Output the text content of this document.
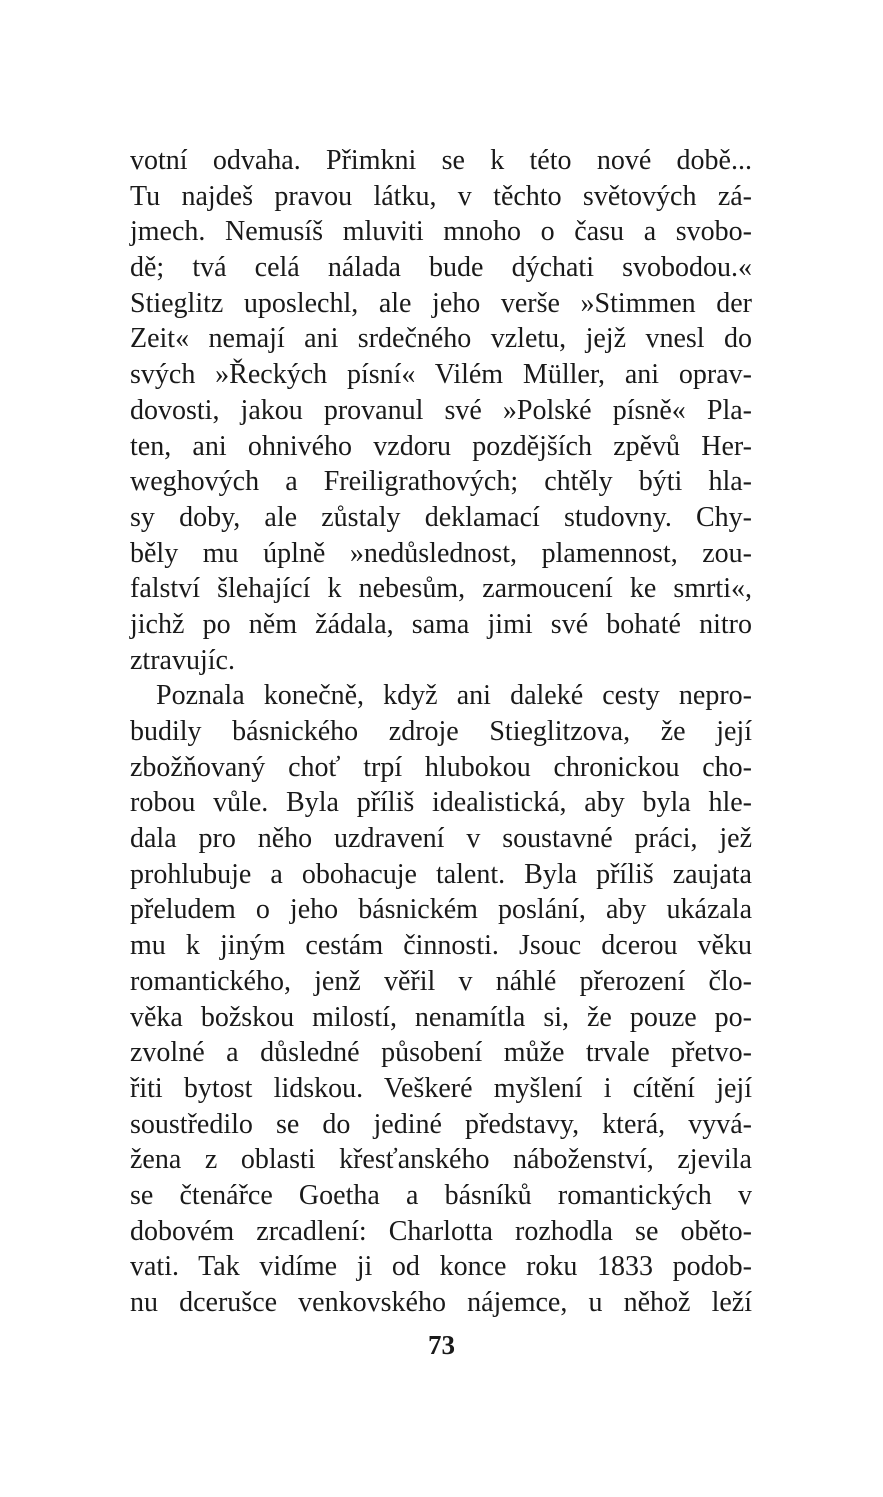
votní odvaha. Přimkni se k této nové době...
Tu najdeš pravou látku, v těchto světových zá-
jmech. Nemusíš mluviti mnoho o času a svobo-
dě; tvá celá nálada bude dýchati svobodou.«
Stieglitz uposlechl, ale jeho verše »Stimmen der
Zeit« nemají ani srdečného vzletu, jejž vnesl do
svých »Řeckých písní« Vilém Müller, ani oprav-
dovosti, jakou provanul své »Polské písně« Pla-
ten, ani ohnivého vzdoru pozdějších zpěvů Her-
weghových a Freiligrathových; chtěly býti hla-
sy doby, ale zůstaly deklamací studovny. Chy-
běly mu úplně »nedůslednost, plamennost, zou-
falství šlehající k nebesům, zarmoucení ke smrti«,
jichž po něm žádala, sama jimi své bohaté nitro
ztravujíc.
Poznala konečně, když ani daleké cesty nepro-
budily básnického zdroje Stieglitzova, že její
zbožňovaný choť trpí hlubokou chronickou cho-
robou vůle. Byla příliš idealistická, aby byla hle-
dala pro něho uzdravení v soustavné práci, jež
prohlubuje a obohacuje talent. Byla příliš zaujata
přeludem o jeho básnickém poslání, aby ukázala
mu k jiným cestám činnosti. Jsouc dcerou věku
romantického, jenž věřil v náhlé přerození člo-
věka božskou milostí, nenamítla si, že pouze po-
zvolné a důsledné působení může trvale přetvo-
řiti bytost lidskou. Veškeré myšlení i cítění její
soustředilo se do jediné představy, která, vyvá-
žena z oblasti křesťanského náboženství, zjevila
se čtenářce Goetha a básníků romantických v
dobovém zrcadlení: Charlotta rozhodla se oběto-
vati. Tak vidíme ji od konce roku 1833 podob-
nu dcerušce venkovského nájemce, u něhož leží
73
